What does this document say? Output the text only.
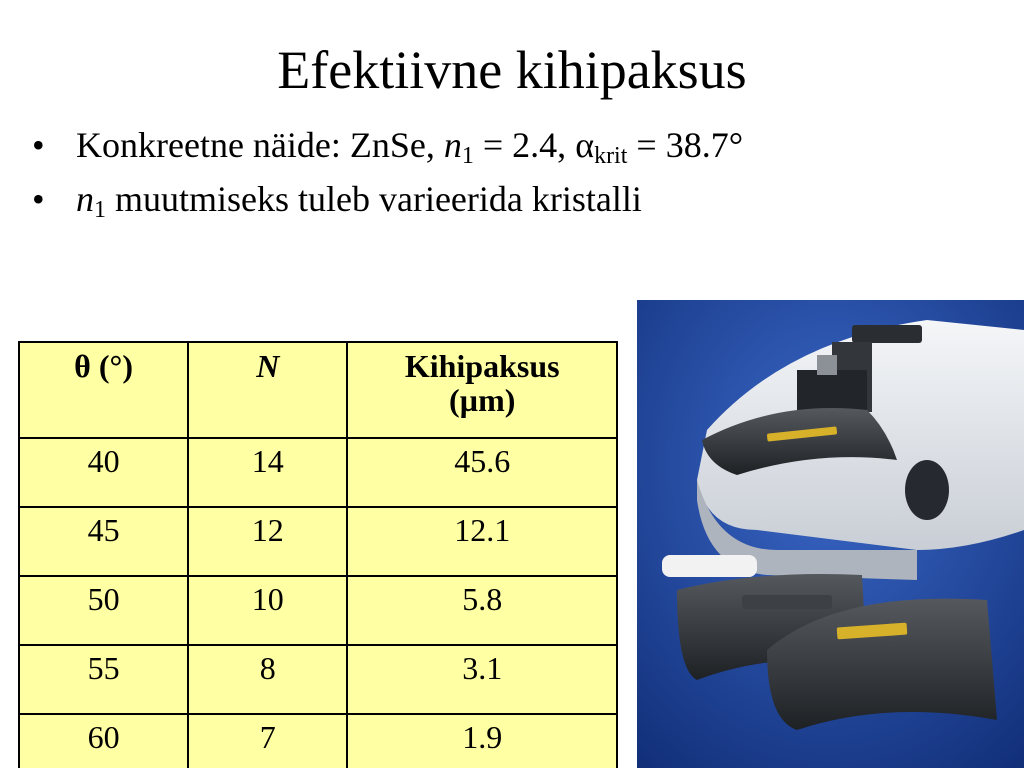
Efektiivne kihipaksus
• Konkreetne näide: ZnSe, $n_1 = 2.4$, $\alpha_{krit} = 38.7^\circ$
• $n_1$ muutmiseks tuleb varieerida kristalli
θ (°)	N	Kihipaksus
(µm)
40	14	45.6
45	12	12.1
50	10	5.8
55	8	3.1
60	7	1.9
